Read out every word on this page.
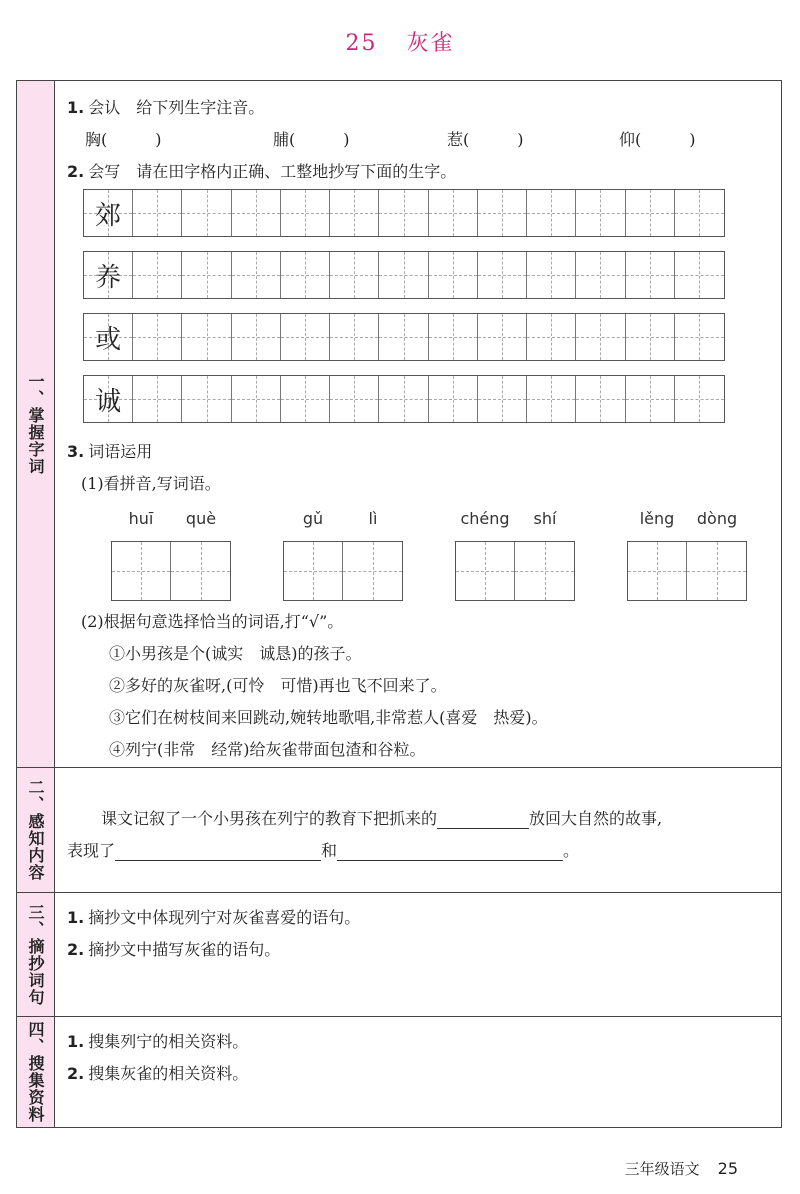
25 灰雀
一、掌握字词
1. 会认　给下列生字注音。
胸(　　　)	脯(　　　)	惹(　　　)	仰(　　　)
2. 会写　请在田字格内正确、工整地抄写下面的生字。
郊
养
或
诚
3. 词语运用
(1)看拼音,写词语。
huī	què	gǔ	lì	chéng	shí	lěng	dòng
(2)根据句意选择恰当的词语,打“√”。
①小男孩是个(诚实　诚恳)的孩子。
②多好的灰雀呀,(可怜　可惜)再也飞不回来了。
③它们在树枝间来回跳动,婉转地歌唱,非常惹人(喜爱　热爱)。
④列宁(非常　经常)给灰雀带面包渣和谷粒。
二、感知内容	课文记叙了一个小男孩在列宁的教育下把抓来的	放回大自然的故事,
表现了	和	。
三、摘抄词句 1. 摘抄文中体现列宁对灰雀喜爱的语句。
2. 摘抄文中描写灰雀的语句。
四、搜集资料 1. 搜集列宁的相关资料。
2. 搜集灰雀的相关资料。
三年级语文 25
